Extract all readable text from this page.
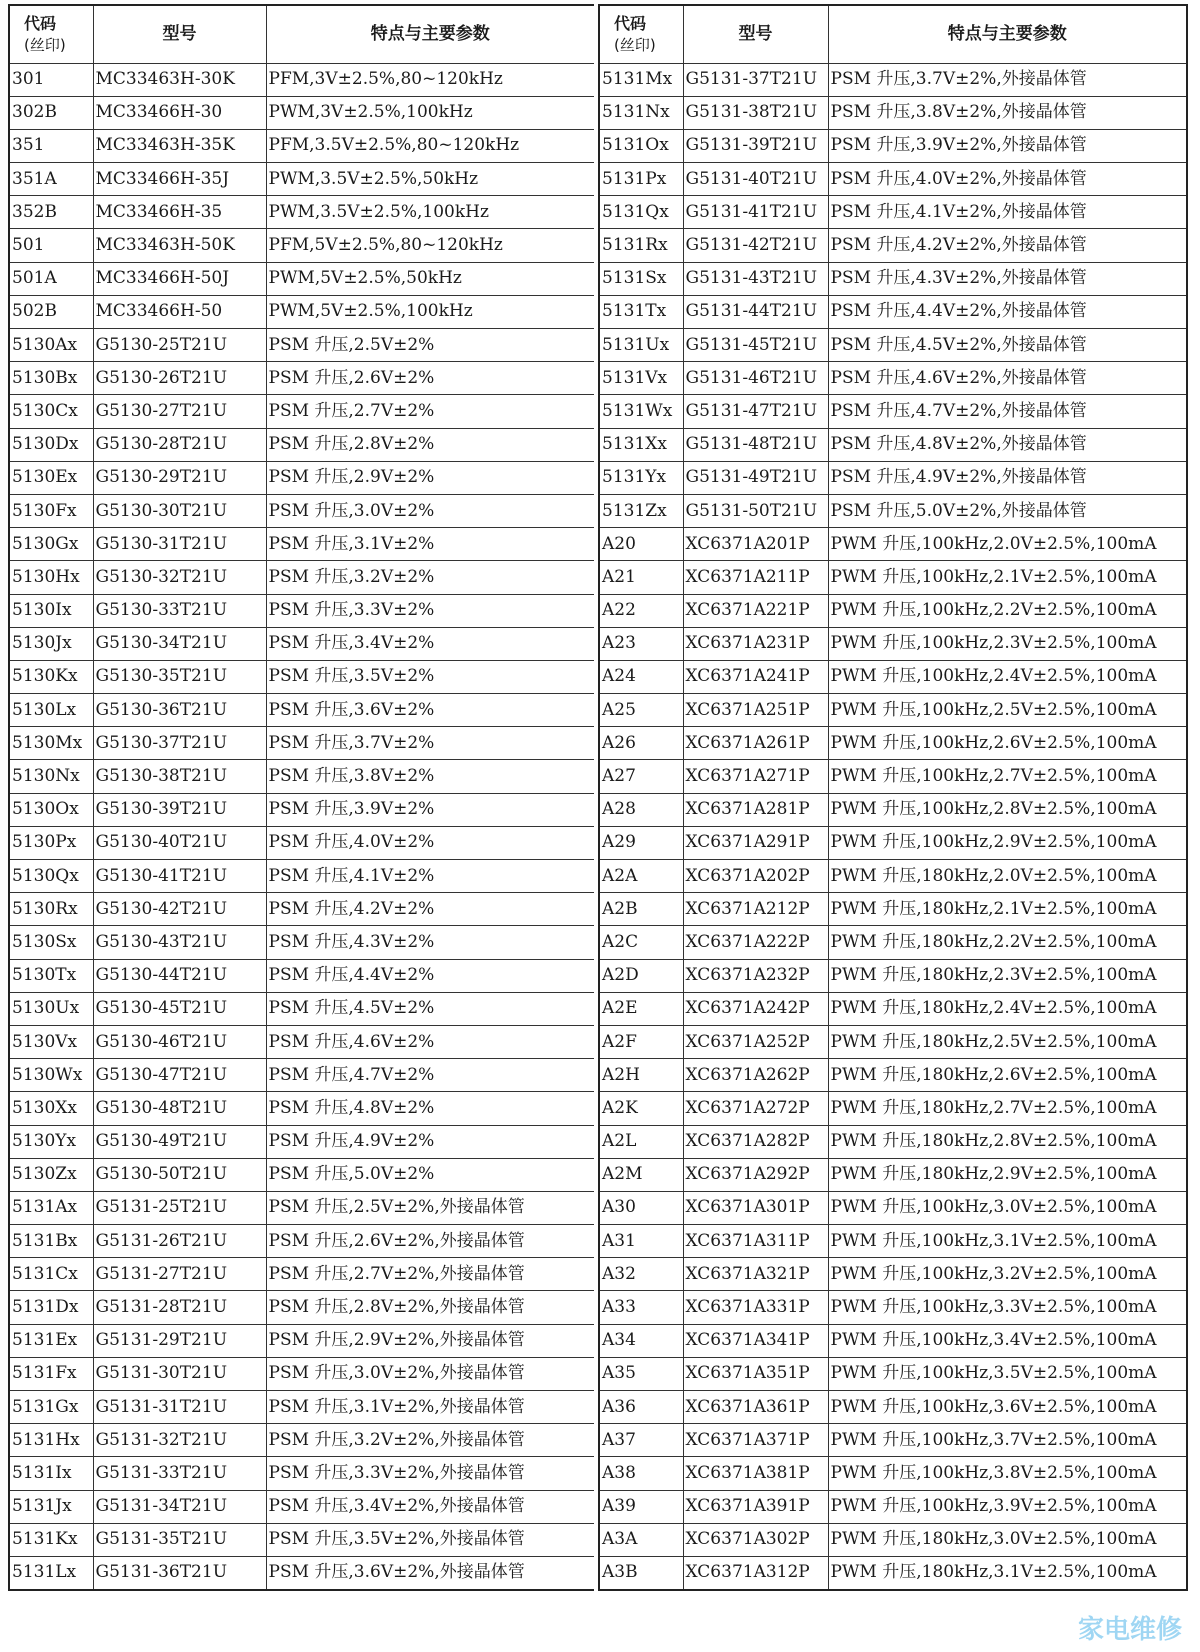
代码
(丝印)	型号	特点与主要参数
301	MC33463H-30K	PFM,3V±2.5%,80~120kHz
302B	MC33466H-30	PWM,3V±2.5%,100kHz
351	MC33463H-35K	PFM,3.5V±2.5%,80~120kHz
351A	MC33466H-35J	PWM,3.5V±2.5%,50kHz
352B	MC33466H-35	PWM,3.5V±2.5%,100kHz
501	MC33463H-50K	PFM,5V±2.5%,80~120kHz
501A	MC33466H-50J	PWM,5V±2.5%,50kHz
502B	MC33466H-50	PWM,5V±2.5%,100kHz
5130Ax	G5130-25T21U	PSM 升压,2.5V±2%
5130Bx	G5130-26T21U	PSM 升压,2.6V±2%
5130Cx	G5130-27T21U	PSM 升压,2.7V±2%
5130Dx	G5130-28T21U	PSM 升压,2.8V±2%
5130Ex	G5130-29T21U	PSM 升压,2.9V±2%
5130Fx	G5130-30T21U	PSM 升压,3.0V±2%
5130Gx	G5130-31T21U	PSM 升压,3.1V±2%
5130Hx	G5130-32T21U	PSM 升压,3.2V±2%
5130Ix	G5130-33T21U	PSM 升压,3.3V±2%
5130Jx	G5130-34T21U	PSM 升压,3.4V±2%
5130Kx	G5130-35T21U	PSM 升压,3.5V±2%
5130Lx	G5130-36T21U	PSM 升压,3.6V±2%
5130Mx	G5130-37T21U	PSM 升压,3.7V±2%
5130Nx	G5130-38T21U	PSM 升压,3.8V±2%
5130Ox	G5130-39T21U	PSM 升压,3.9V±2%
5130Px	G5130-40T21U	PSM 升压,4.0V±2%
5130Qx	G5130-41T21U	PSM 升压,4.1V±2%
5130Rx	G5130-42T21U	PSM 升压,4.2V±2%
5130Sx	G5130-43T21U	PSM 升压,4.3V±2%
5130Tx	G5130-44T21U	PSM 升压,4.4V±2%
5130Ux	G5130-45T21U	PSM 升压,4.5V±2%
5130Vx	G5130-46T21U	PSM 升压,4.6V±2%
5130Wx	G5130-47T21U	PSM 升压,4.7V±2%
5130Xx	G5130-48T21U	PSM 升压,4.8V±2%
5130Yx	G5130-49T21U	PSM 升压,4.9V±2%
5130Zx	G5130-50T21U	PSM 升压,5.0V±2%
5131Ax	G5131-25T21U	PSM 升压,2.5V±2%,外接晶体管
5131Bx	G5131-26T21U	PSM 升压,2.6V±2%,外接晶体管
5131Cx	G5131-27T21U	PSM 升压,2.7V±2%,外接晶体管
5131Dx	G5131-28T21U	PSM 升压,2.8V±2%,外接晶体管
5131Ex	G5131-29T21U	PSM 升压,2.9V±2%,外接晶体管
5131Fx	G5131-30T21U	PSM 升压,3.0V±2%,外接晶体管
5131Gx	G5131-31T21U	PSM 升压,3.1V±2%,外接晶体管
5131Hx	G5131-32T21U	PSM 升压,3.2V±2%,外接晶体管
5131Ix	G5131-33T21U	PSM 升压,3.3V±2%,外接晶体管
5131Jx	G5131-34T21U	PSM 升压,3.4V±2%,外接晶体管
5131Kx	G5131-35T21U	PSM 升压,3.5V±2%,外接晶体管
5131Lx	G5131-36T21U	PSM 升压,3.6V±2%,外接晶体管
代码
(丝印)	型号	特点与主要参数
5131Mx	G5131-37T21U	PSM 升压,3.7V±2%,外接晶体管
5131Nx	G5131-38T21U	PSM 升压,3.8V±2%,外接晶体管
5131Ox	G5131-39T21U	PSM 升压,3.9V±2%,外接晶体管
5131Px	G5131-40T21U	PSM 升压,4.0V±2%,外接晶体管
5131Qx	G5131-41T21U	PSM 升压,4.1V±2%,外接晶体管
5131Rx	G5131-42T21U	PSM 升压,4.2V±2%,外接晶体管
5131Sx	G5131-43T21U	PSM 升压,4.3V±2%,外接晶体管
5131Tx	G5131-44T21U	PSM 升压,4.4V±2%,外接晶体管
5131Ux	G5131-45T21U	PSM 升压,4.5V±2%,外接晶体管
5131Vx	G5131-46T21U	PSM 升压,4.6V±2%,外接晶体管
5131Wx	G5131-47T21U	PSM 升压,4.7V±2%,外接晶体管
5131Xx	G5131-48T21U	PSM 升压,4.8V±2%,外接晶体管
5131Yx	G5131-49T21U	PSM 升压,4.9V±2%,外接晶体管
5131Zx	G5131-50T21U	PSM 升压,5.0V±2%,外接晶体管
A20	XC6371A201P	PWM 升压,100kHz,2.0V±2.5%,100mA
A21	XC6371A211P	PWM 升压,100kHz,2.1V±2.5%,100mA
A22	XC6371A221P	PWM 升压,100kHz,2.2V±2.5%,100mA
A23	XC6371A231P	PWM 升压,100kHz,2.3V±2.5%,100mA
A24	XC6371A241P	PWM 升压,100kHz,2.4V±2.5%,100mA
A25	XC6371A251P	PWM 升压,100kHz,2.5V±2.5%,100mA
A26	XC6371A261P	PWM 升压,100kHz,2.6V±2.5%,100mA
A27	XC6371A271P	PWM 升压,100kHz,2.7V±2.5%,100mA
A28	XC6371A281P	PWM 升压,100kHz,2.8V±2.5%,100mA
A29	XC6371A291P	PWM 升压,100kHz,2.9V±2.5%,100mA
A2A	XC6371A202P	PWM 升压,180kHz,2.0V±2.5%,100mA
A2B	XC6371A212P	PWM 升压,180kHz,2.1V±2.5%,100mA
A2C	XC6371A222P	PWM 升压,180kHz,2.2V±2.5%,100mA
A2D	XC6371A232P	PWM 升压,180kHz,2.3V±2.5%,100mA
A2E	XC6371A242P	PWM 升压,180kHz,2.4V±2.5%,100mA
A2F	XC6371A252P	PWM 升压,180kHz,2.5V±2.5%,100mA
A2H	XC6371A262P	PWM 升压,180kHz,2.6V±2.5%,100mA
A2K	XC6371A272P	PWM 升压,180kHz,2.7V±2.5%,100mA
A2L	XC6371A282P	PWM 升压,180kHz,2.8V±2.5%,100mA
A2M	XC6371A292P	PWM 升压,180kHz,2.9V±2.5%,100mA
A30	XC6371A301P	PWM 升压,100kHz,3.0V±2.5%,100mA
A31	XC6371A311P	PWM 升压,100kHz,3.1V±2.5%,100mA
A32	XC6371A321P	PWM 升压,100kHz,3.2V±2.5%,100mA
A33	XC6371A331P	PWM 升压,100kHz,3.3V±2.5%,100mA
A34	XC6371A341P	PWM 升压,100kHz,3.4V±2.5%,100mA
A35	XC6371A351P	PWM 升压,100kHz,3.5V±2.5%,100mA
A36	XC6371A361P	PWM 升压,100kHz,3.6V±2.5%,100mA
A37	XC6371A371P	PWM 升压,100kHz,3.7V±2.5%,100mA
A38	XC6371A381P	PWM 升压,100kHz,3.8V±2.5%,100mA
A39	XC6371A391P	PWM 升压,100kHz,3.9V±2.5%,100mA
A3A	XC6371A302P	PWM 升压,180kHz,3.0V±2.5%,100mA
A3B	XC6371A312P	PWM 升压,180kHz,3.1V±2.5%,100mA
家电维修
